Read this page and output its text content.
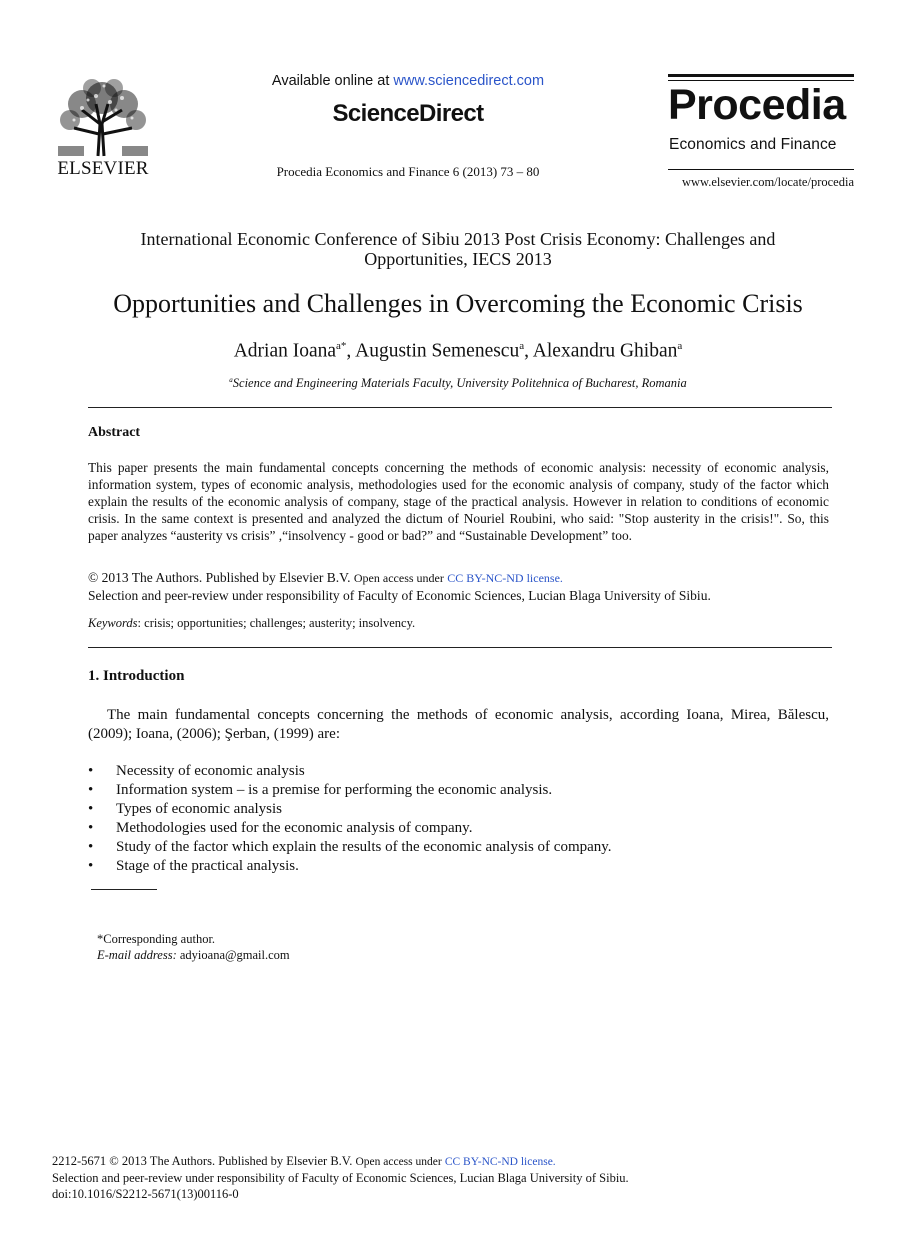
ELSEVIER
Available online at www.sciencedirect.com
ScienceDirect
Procedia Economics and Finance 6 (2013) 73 – 80
Procedia
Economics and Finance
www.elsevier.com/locate/procedia
International Economic Conference of Sibiu 2013 Post Crisis Economy: Challenges and
Opportunities, IECS 2013
Opportunities and Challenges in Overcoming the Economic Crisis
Adrian Ioana$^{a*}$, Augustin Semenescu$^a$, Alexandru Ghiban$^a$
$^a$Science and Engineering Materials Faculty, University Politehnica of Bucharest, Romania
Abstract
This paper presents the main fundamental concepts concerning the methods of economic analysis: necessity of economic analysis, information system, types of economic analysis, methodologies used for the economic analysis of company, study of the factor which explain the results of the economic analysis of company, stage of the practical analysis. However in relation to conditions of economic crisis. In the same context is presented and analyzed the dictum of Nouriel Roubini, who said: "Stop austerity in the crisis!". So, this paper analyzes “austerity vs crisis” ,“insolvency - good or bad?” and “Sustainable Development” too.
© 2013 The Authors. Published by Elsevier B.V. Open access under CC BY-NC-ND license.
Selection and peer-review under responsibility of Faculty of Economic Sciences, Lucian Blaga University of Sibiu.
Keywords: crisis; opportunities; challenges; austerity; insolvency.
1. Introduction
The main fundamental concepts concerning the methods of economic analysis, according Ioana, Mirea, Bălescu, (2009); Ioana, (2006); Şerban, (1999) are:
• Necessity of economic analysis
• Information system – is a premise for performing the economic analysis.
• Types of economic analysis
• Methodologies used for the economic analysis of company.
• Study of the factor which explain the results of the economic analysis of company.
• Stage of the practical analysis.
*Corresponding author.
E-mail address: adyioana@gmail.com
2212-5671 © 2013 The Authors. Published by Elsevier B.V. Open access under CC BY-NC-ND license.
Selection and peer-review under responsibility of Faculty of Economic Sciences, Lucian Blaga University of Sibiu.
doi:10.1016/S2212-5671(13)00116-0
